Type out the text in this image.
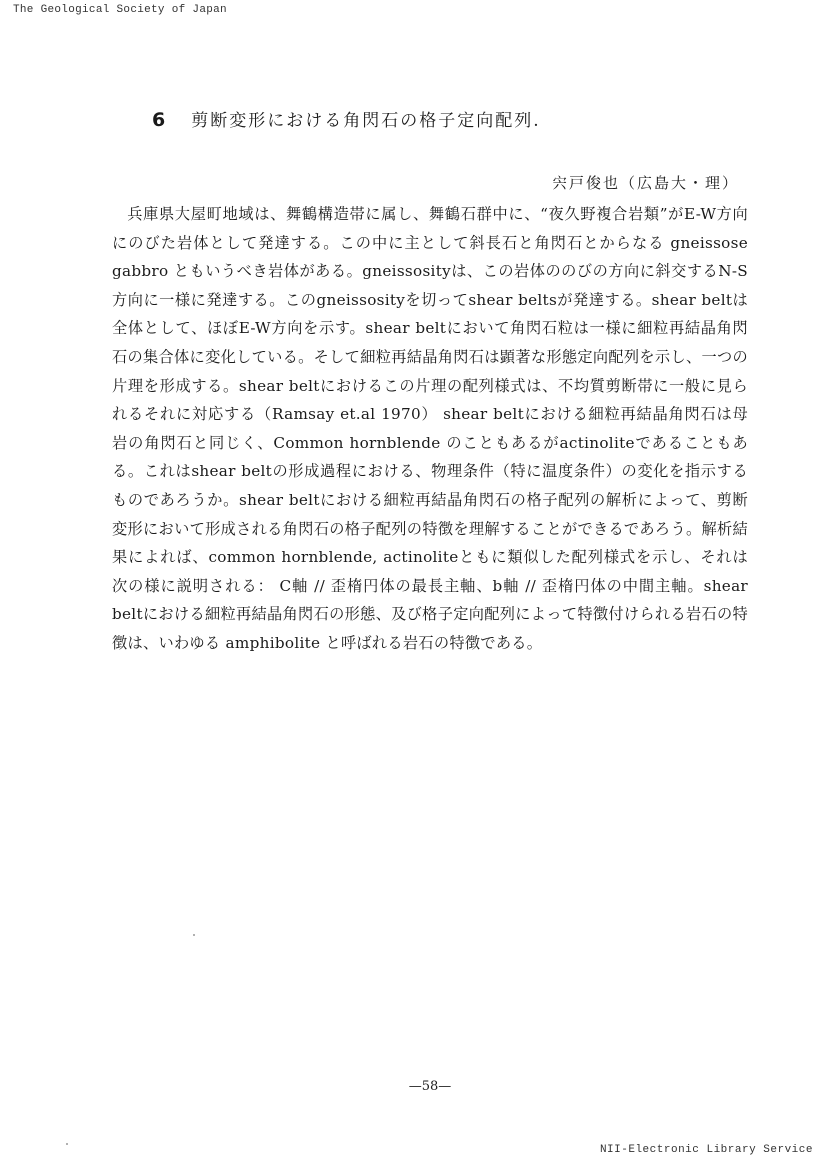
The Geological Society of Japan
6 剪断変形における角閃石の格子定向配列.
宍戸俊也（広島大・理）

兵庫県大屋町地域は、舞鶴構造帯に属し、舞鶴石群中に、“夜久野複合岩類”がE-W方向にのびた岩体として発達する。この中に主として斜長石と角閃石とからなる gneissose gabbro ともいうべき岩体がある。gneissosityは、この岩体ののびの方向に斜交するN-S方向に一様に発達する。このgneissosityを切ってshear beltsが発達する。shear beltは全体として、ほぼE-W方向を示す。shear beltにおいて角閃石粒は一様に細粒再結晶角閃石の集合体に変化している。そして細粒再結晶角閃石は顕著な形態定向配列を示し、一つの片理を形成する。shear beltにおけるこの片理の配列様式は、不均質剪断帯に一般に見られるそれに対応する（Ramsay et.al 1970） shear beltにおける細粒再結晶角閃石は母岩の角閃石と同じく、Common hornblende のこともあるがactinoliteであることもある。これはshear beltの形成過程における、物理条件（特に温度条件）の変化を指示するものであろうか。shear beltにおける細粒再結晶角閃石の格子配列の解析によって、剪断変形において形成される角閃石の格子配列の特徴を理解することができるであろう。解析結果によれば、common hornblende, actinoliteともに類似した配列様式を示し、それは次の様に説明される： C軸 // 歪楕円体の最長主軸、b軸 // 歪楕円体の中間主軸。shear beltにおける細粒再結晶角閃石の形態、及び格子定向配列によって特徴付けられる岩石の特徴は、いわゆる amphibolite と呼ばれる岩石の特徴である。

—58—
NII-Electronic Library Service
